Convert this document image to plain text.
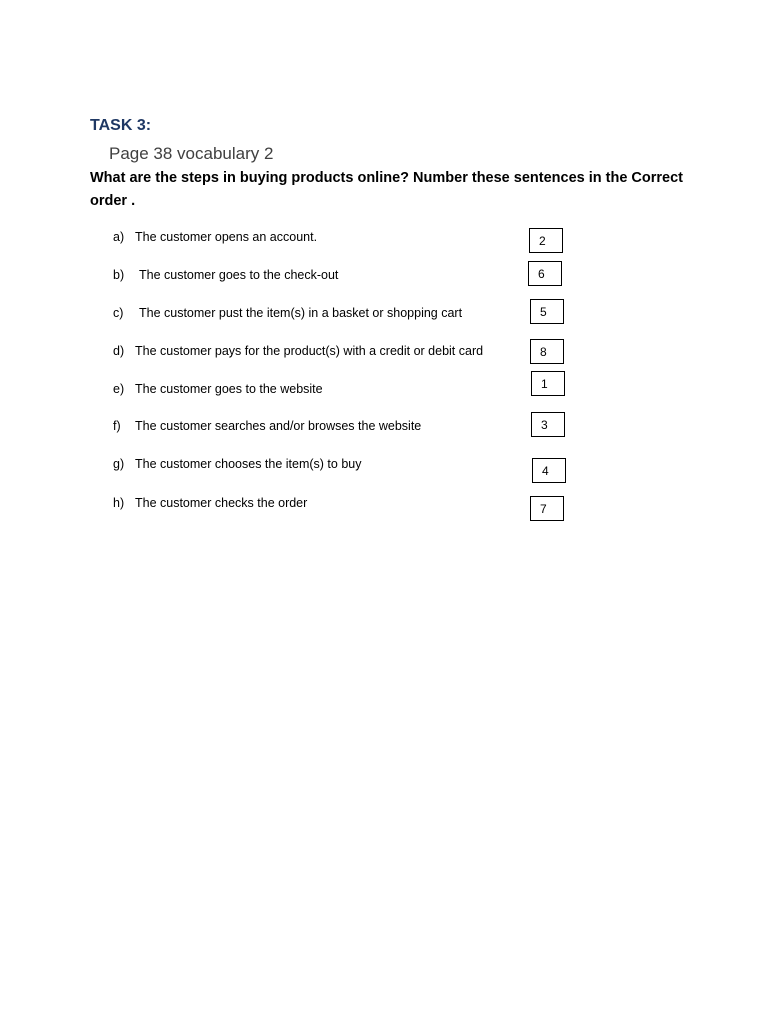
TASK 3:
Page 38 vocabulary 2
What are the steps in buying products online? Number these sentences in the Correct order .
a) The customer opens an account.	2
b) The customer goes to the check-out	6
c) The customer pust the item(s) in a basket or shopping cart	5
d) The customer pays for the product(s) with a credit or debit card	8
e) The customer goes to the website	1
f) The customer searches and/or browses the website	3
g) The customer chooses the item(s) to buy	4
h) The customer checks the order	7
